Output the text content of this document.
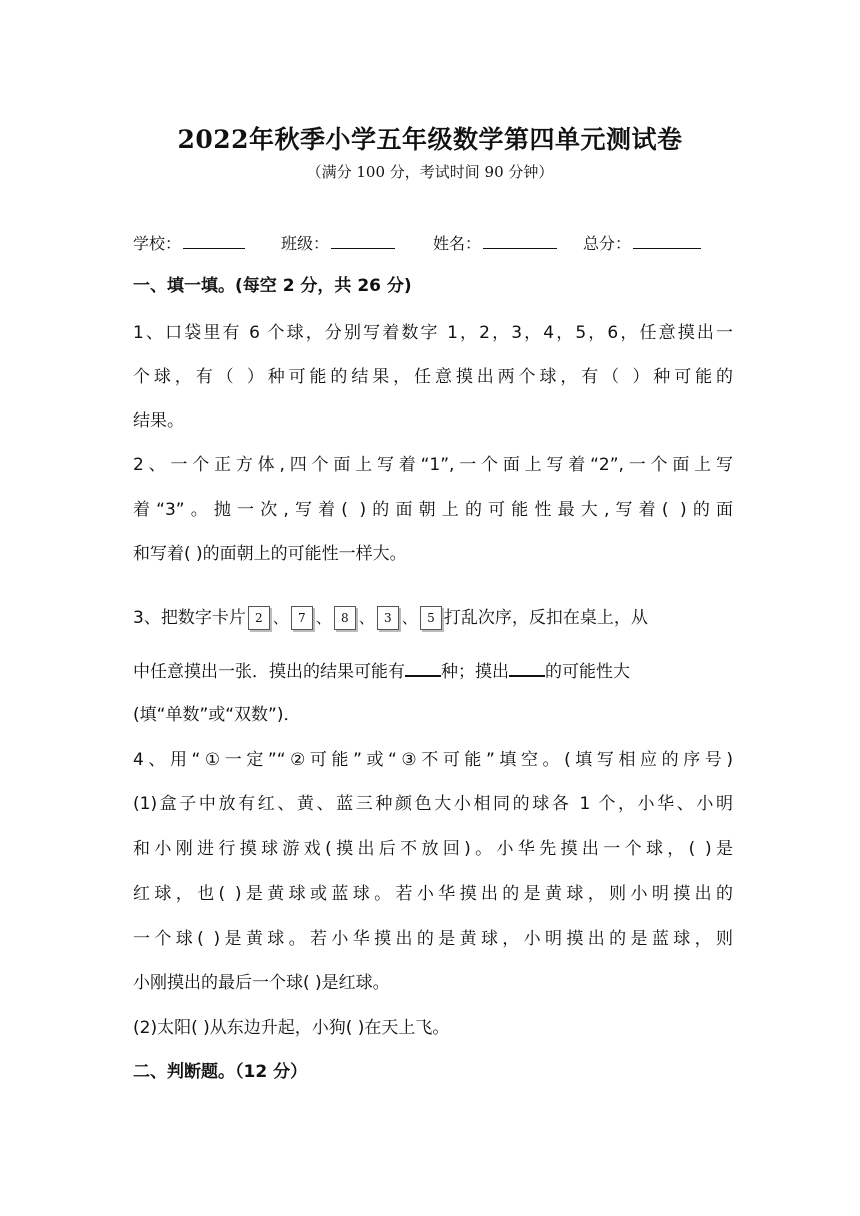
2022年秋季小学五年级数学第四单元测试卷
（满分 100 分，考试时间 90 分钟）
学校：	班级：	姓名：	总分：
一、填一填。(每空 2 分，共 26 分)
1、口袋里有 6 个球，分别写着数字 1，2，3，4，5，6，任意摸出一
个球，有（ ）种可能的结果，任意摸出两个球，有（ ）种可能的
结果。
2、一个正方体,四个面上写着“1”,一个面上写着“2”,一个面上写
着“3”。抛一次,写着( )的面朝上的可能性最大,写着( )的面
和写着( )的面朝上的可能性一样大。
3、把数字卡片 2 、 7 、 8 、 3 、 5 打乱次序，反扣在桌上，从
中任意摸出一张．摸出的结果可能有 种；摸出 的可能性大
(填“单数”或“双数”)．
4、用“①一定”“②可能”或“③不可能”填空。(填写相应的序号)
(1)盒子中放有红、黄、蓝三种颜色大小相同的球各 1 个，小华、小明
和小刚进行摸球游戏(摸出后不放回)。小华先摸出一个球，( )是
红球，也( )是黄球或蓝球。若小华摸出的是黄球，则小明摸出的
一个球( )是黄球。若小华摸出的是黄球，小明摸出的是蓝球，则
小刚摸出的最后一个球( )是红球。
(2)太阳( )从东边升起，小狗( )在天上飞。
二、判断题。（12 分）
